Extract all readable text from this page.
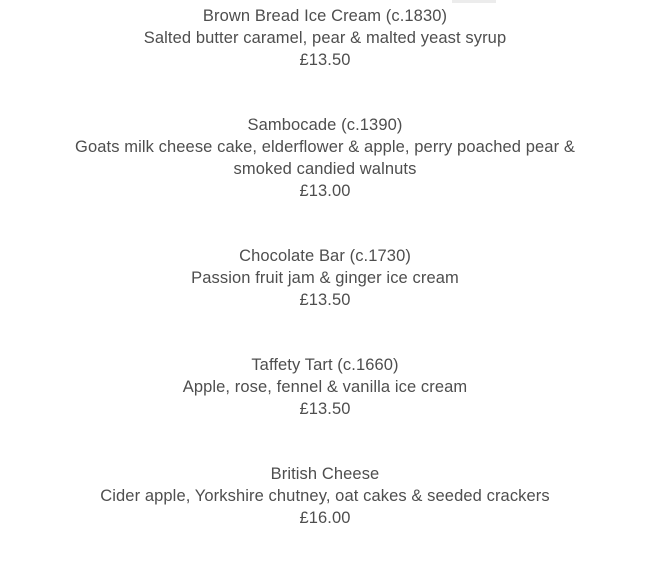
Brown Bread Ice Cream (c.1830)
Salted butter caramel, pear & malted yeast syrup
£13.50
Sambocade (c.1390)
Goats milk cheese cake, elderflower & apple, perry poached pear & smoked candied walnuts
£13.00
Chocolate Bar (c.1730)
Passion fruit jam & ginger ice cream
£13.50
Taffety Tart (c.1660)
Apple, rose, fennel & vanilla ice cream
£13.50
British Cheese
Cider apple, Yorkshire chutney, oat cakes & seeded crackers
£16.00
